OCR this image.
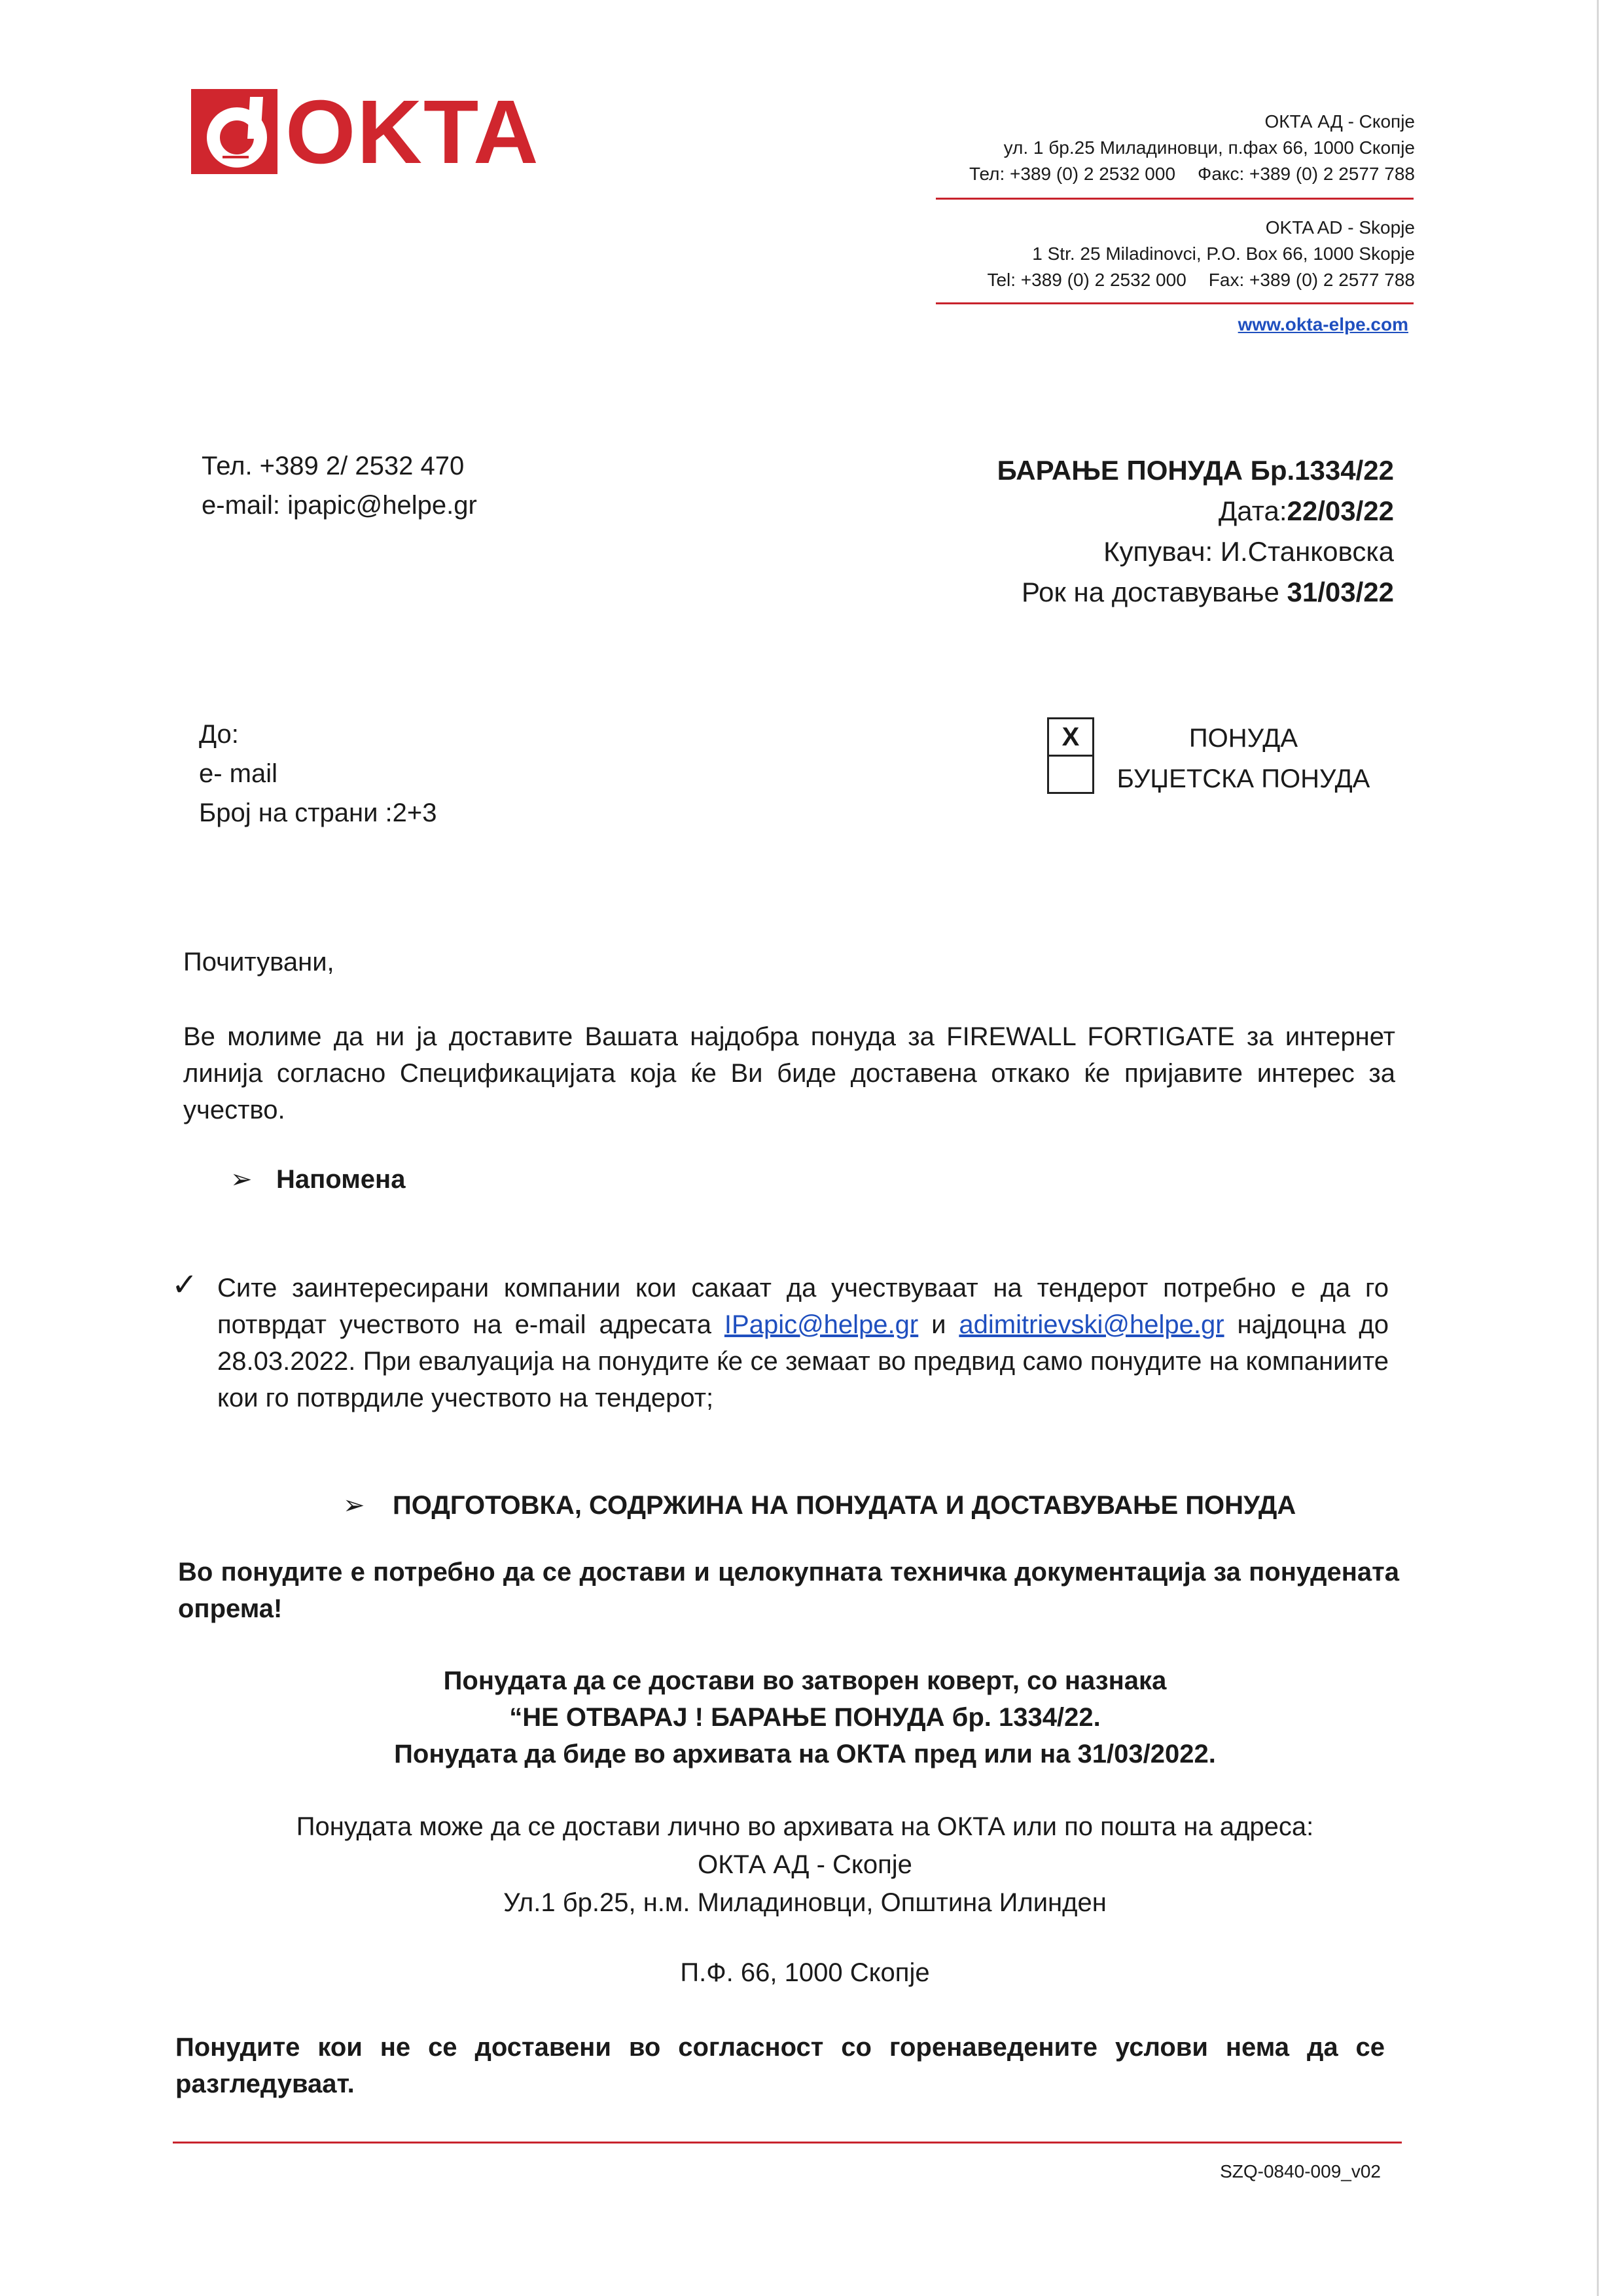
OKTA	ОКТА АД - Скопје
ул. 1 бр.25 Миладиновци, п.фах 66, 1000 Скопје
Тел: +389 (0) 2 2532 000 Факс: +389 (0) 2 2577 788
OKTA AD - Skopje
1 Str. 25 Miladinovci, P.O. Box 66, 1000 Skopje
Tel: +389 (0) 2 2532 000 Fax: +389 (0) 2 2577 788
www.okta-elpe.com
Тел. +389 2/ 2532 470
e-mail: ipapic@helpe.gr
БАРАЊЕ ПОНУДА Бр.1334/22
Дата:22/03/22
Купувач: И.Станковска
Рок на доставување 31/03/22
До:
е- mail
Број на страни :2+3
X	ПОНУДА
БУЏЕТСКА ПОНУДА
Почитувани,
Ве молиме да ни ја доставите Вашата најдобра понуда за FIREWALL FORTIGATE за интернет линија согласно Спецификацијата која ќе Ви биде доставена откако ќе пријавите интерес за учество.
➢ Напомена
✓ Сите заинтересирани компании кои сакаат да учествуваат на тендерот потребно е да го потврдат учеството на е-mail адресата IPapic@helpe.gr и adimitrievski@helpe.gr најдоцна до 28.03.2022. При евалуација на понудите ќе се земаат во предвид само понудите на компаниите кои го потврдиле учеството на тендерот;
➢ ПОДГОТОВКА, СОДРЖИНА НА ПОНУДАТА И ДОСТАВУВАЊЕ ПОНУДА
Во понудите е потребно да се достави и целокупната техничка документација за понудената опрема!
Понудата да се достави во затворен коверт, со назнака
“НЕ ОТВАРАЈ ! БАРАЊЕ ПОНУДА бр. 1334/22.
Понудата да биде во архивата на ОКТА пред или на 31/03/2022.
Понудата може да се достави лично во архивата на ОКТА или по пошта на адреса:
ОКТА АД - Скопје
Ул.1 бр.25, н.м. Миладиновци, Општина Илинден
П.Ф. 66, 1000 Скопје
Понудите кои не се доставени во согласност со горенаведените услови нема да се разгледуваат.
SZQ-0840-009_v02
